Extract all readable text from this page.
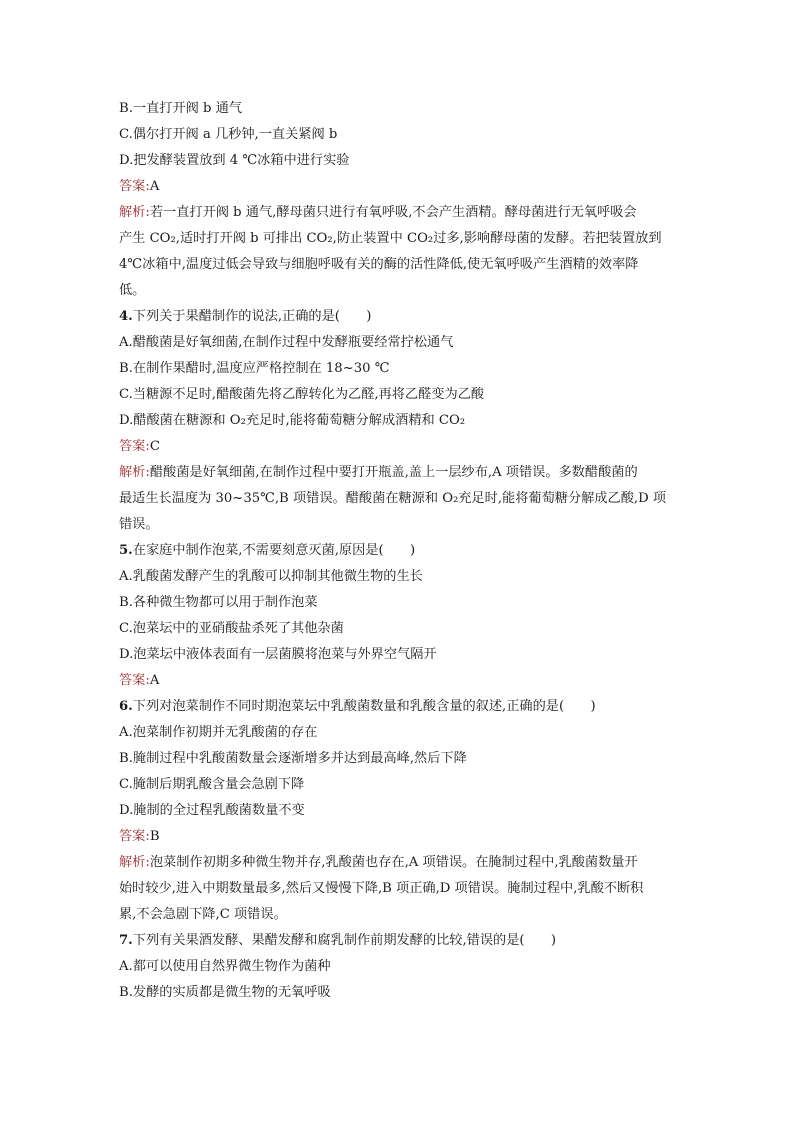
B.一直打开阀 b 通气
C.偶尔打开阀 a 几秒钟,一直关紧阀 b
D.把发酵装置放到 4 ℃冰箱中进行实验
答案:A
解析:若一直打开阀 b 通气,酵母菌只进行有氧呼吸,不会产生酒精。酵母菌进行无氧呼吸会
产生 CO₂,适时打开阀 b 可排出 CO₂,防止装置中 CO₂过多,影响酵母菌的发酵。若把装置放到
4℃冰箱中,温度过低会导致与细胞呼吸有关的酶的活性降低,使无氧呼吸产生酒精的效率降
低。
4.下列关于果醋制作的说法,正确的是(　　)
A.醋酸菌是好氧细菌,在制作过程中发酵瓶要经常拧松通气
B.在制作果醋时,温度应严格控制在 18~30 ℃
C.当糖源不足时,醋酸菌先将乙醇转化为乙醛,再将乙醛变为乙酸
D.醋酸菌在糖源和 O₂充足时,能将葡萄糖分解成酒精和 CO₂
答案:C
解析:醋酸菌是好氧细菌,在制作过程中要打开瓶盖,盖上一层纱布,A 项错误。多数醋酸菌的
最适生长温度为 30~35℃,B 项错误。醋酸菌在糖源和 O₂充足时,能将葡萄糖分解成乙酸,D 项
错误。
5.在家庭中制作泡菜,不需要刻意灭菌,原因是(　　)
A.乳酸菌发酵产生的乳酸可以抑制其他微生物的生长
B.各种微生物都可以用于制作泡菜
C.泡菜坛中的亚硝酸盐杀死了其他杂菌
D.泡菜坛中液体表面有一层菌膜将泡菜与外界空气隔开
答案:A
6.下列对泡菜制作不同时期泡菜坛中乳酸菌数量和乳酸含量的叙述,正确的是(　　)
A.泡菜制作初期并无乳酸菌的存在
B.腌制过程中乳酸菌数量会逐渐增多并达到最高峰,然后下降
C.腌制后期乳酸含量会急剧下降
D.腌制的全过程乳酸菌数量不变
答案:B
解析:泡菜制作初期多种微生物并存,乳酸菌也存在,A 项错误。在腌制过程中,乳酸菌数量开
始时较少,进入中期数量最多,然后又慢慢下降,B 项正确,D 项错误。腌制过程中,乳酸不断积
累,不会急剧下降,C 项错误。
7.下列有关果酒发酵、果醋发酵和腐乳制作前期发酵的比较,错误的是(　　)
A.都可以使用自然界微生物作为菌种
B.发酵的实质都是微生物的无氧呼吸
